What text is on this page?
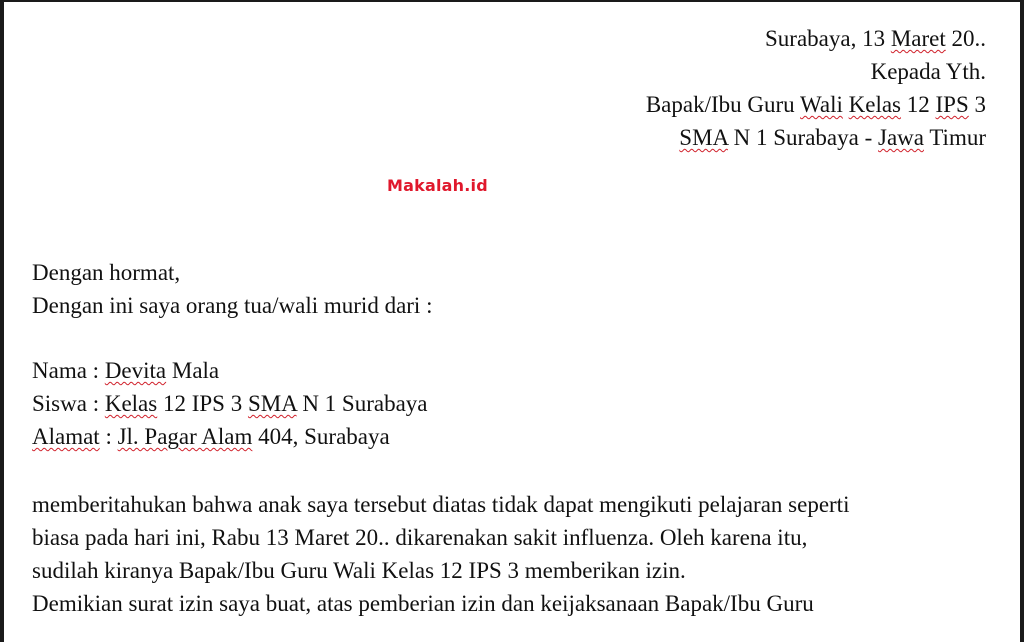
Surabaya, 13 Maret 20..
Kepada Yth.
Bapak/Ibu Guru Wali Kelas 12 IPS 3
SMA N 1 Surabaya - Jawa Timur
Makalah.id
Dengan hormat,
Dengan ini saya orang tua/wali murid dari :
Nama : Devita Mala
Siswa : Kelas 12 IPS 3 SMA N 1 Surabaya
Alamat : Jl. Pagar Alam 404, Surabaya
memberitahukan bahwa anak saya tersebut diatas tidak dapat mengikuti pelajaran seperti
biasa pada hari ini, Rabu 13 Maret 20.. dikarenakan sakit influenza. Oleh karena itu,
sudilah kiranya Bapak/Ibu Guru Wali Kelas 12 IPS 3 memberikan izin.
Demikian surat izin saya buat, atas pemberian izin dan keijaksanaan Bapak/Ibu Guru
